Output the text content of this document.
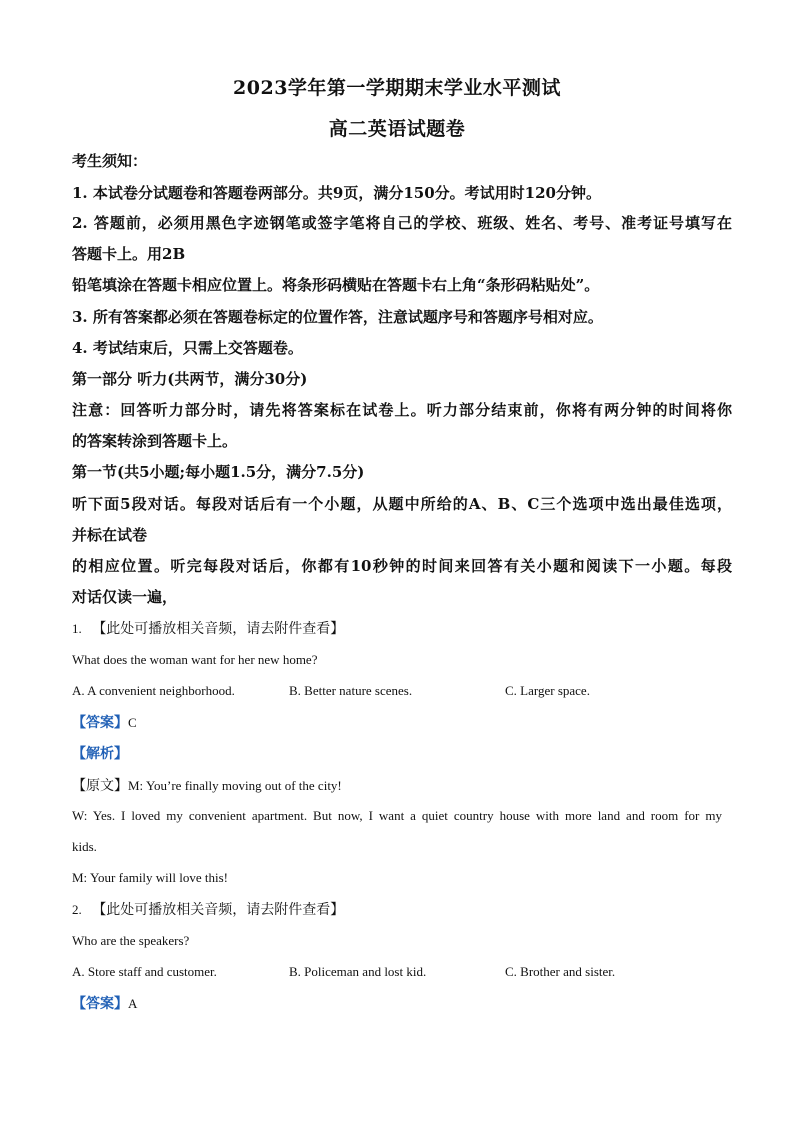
2023学年第一学期期末学业水平测试
高二英语试题卷
考生须知：
1. 本试卷分试题卷和答题卷两部分。共9页，满分150分。考试用时120分钟。
2. 答题前，必须用黑色字迹钢笔或签字笔将自己的学校、班级、姓名、考号、准考证号填写在
答题卡上。用2B
铅笔填涂在答题卡相应位置上。将条形码横贴在答题卡右上角“条形码粘贴处”。
3. 所有答案都必须在答题卷标定的位置作答，注意试题序号和答题序号相对应。
4. 考试结束后，只需上交答题卷。
第一部分 听力(共两节，满分30分)
注意：回答听力部分时，请先将答案标在试卷上。听力部分结束前，你将有两分钟的时间将你
的答案转涂到答题卡上。
第一节(共5小题;每小题1.5分，满分7.5分)
听下面5段对话。每段对话后有一个小题，从题中所给的A、B、C三个选项中选出最佳选项，
并标在试卷
的相应位置。听完每段对话后，你都有10秒钟的时间来回答有关小题和阅读下一小题。每段
对话仅读一遍，
1. 【此处可播放相关音频，请去附件查看】
What does the woman want for her new home?
A. A convenient neighborhood.	B. Better nature scenes.	C. Larger space.
【答案】C
【解析】
【原文】M: You’re finally moving out of the city!
W: Yes. I loved my convenient apartment. But now, I want a quiet country house with more land and room for my
kids.
M: Your family will love this!
2. 【此处可播放相关音频，请去附件查看】
Who are the speakers?
A. Store staff and customer.	B. Policeman and lost kid.	C. Brother and sister.
【答案】A
